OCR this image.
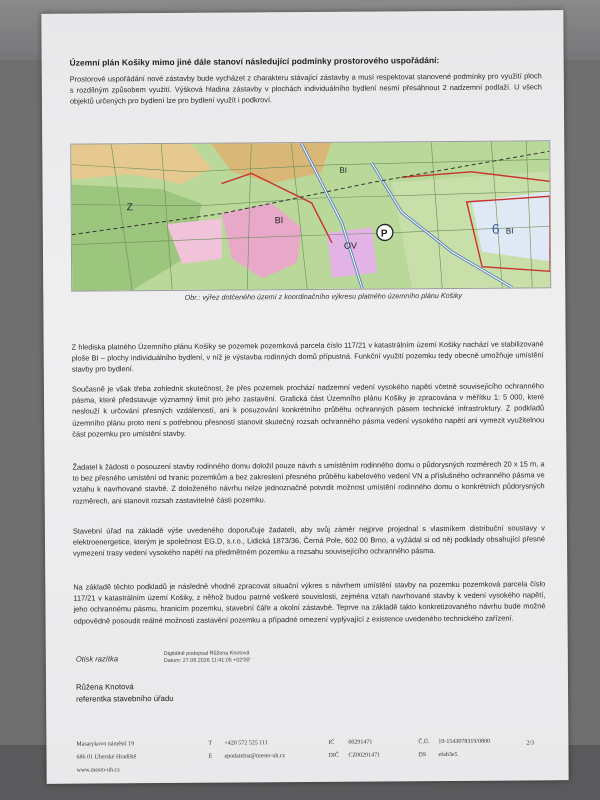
Územní plán Košiky mimo jiné dále stanoví následující podmínky prostorového uspořádání:
Prostorové uspořádání nové zástavby bude vycházet z charakteru stávající zástavby a musí respektovat stanovené podmínky pro využití ploch s rozdílným způsobem využití. Výšková hladina zástavby v plochách individuálního bydlení nesmí přesáhnout 2 nadzemní podlaží. U všech objektů určených pro bydlení lze pro bydlení využít i podkroví.
Z
BI
BI
OV
P	6 BI
Obr.: výřez dotčeného území z koordinačního výkresu platného územního plánu Košiky
Z hlediska platného Územního plánu Košiky se pozemek pozemková parcela číslo 117/21 v katastrálním území Košiky nachází ve stabilizované ploše BI – plochy individuálního bydlení, v níž je výstavba rodinných domů přípustná. Funkční využití pozemku tedy obecně umožňuje umístění stavby pro bydlení.
Současně je však třeba zohlednit skutečnost, že přes pozemek prochází nadzemní vedení vysokého napětí včetně souvisejícího ochranného pásma, které představuje významný limit pro jeho zastavění. Grafická část Územního plánu Košiky je zpracována v měřítku 1: 5 000, které neslouží k určování přesných vzdáleností, ani k posuzování konkrétního průběhu ochranných pásem technické infrastruktury. Z podkladů územního plánu proto není s potřebnou přesností stanovit skutečný rozsah ochranného pásma vedení vysokého napětí ani vymezit využitelnou část pozemku pro umístění stavby.
Žadatel k žádosti o posouzení stavby rodinného domu doložil pouze návrh s umístěním rodinného domu o půdorysných rozměrech 20 x 15 m, a to bez přesného umístění od hranic pozemkům a bez zakreslení přesného průběhu kabelového vedení VN a příslušného ochranného pásma ve vztahu k navrhované stavbě. Z doloženého návrhu nelze jednoznačně potvrdit možnost umístění rodinného domu o konkrétních půdorysných rozměrech, ani stanovit rozsah zastavitelné části pozemku.
Stavební úřad na základě výše uvedeného doporučuje žadateli, aby svůj záměr nejprve projednal s vlastníkem distribuční soustavy v elektroenergetice, kterým je společnost EG.D, s.r.o., Lidická 1873/36, Černá Pole, 602 00 Brno, a vyžádal si od něj podklady obsahující přesné vymezení trasy vedení vysokého napětí na předmětném pozemku a rozsahu souvisejícího ochranného pásma.
Na základě těchto podkladů je následně vhodné zpracovat situační výkres s návrhem umístění stavby na pozemku pozemková parcela číslo 117/21 v katastrálním území Košiky, z něhož budou patrné veškeré souvislosti, zejména vztah navrhované stavby k vedení vysokého napětí, jeho ochrannému pásmu, hranicím pozemku, stavební čáře a okolní zástavbě. Teprve na základě takto konkretizovaného návrhu bude možné odpovědně posoudit reálné možnosti zastavění pozemku a případné omezení vyplývající z existence uvedeného technického zařízení.
Otisk razítka
Digitálně podepsal Růžena Knotová
Datum: 27.08.2026 11:41:05 +02'00'
Růžena Knotová
referentka stavebního úřadu
Masarykovo náměstí 19
686 01 Uherské Hradiště
www.mesto-uh.cz
T +420 572 525 111
E epodatelna@mesto-uh.cz
IČ 00291471
DIČ CZ00291471
Č.Ú. 19-1543078319/0800
DS efab3e5
2/3
